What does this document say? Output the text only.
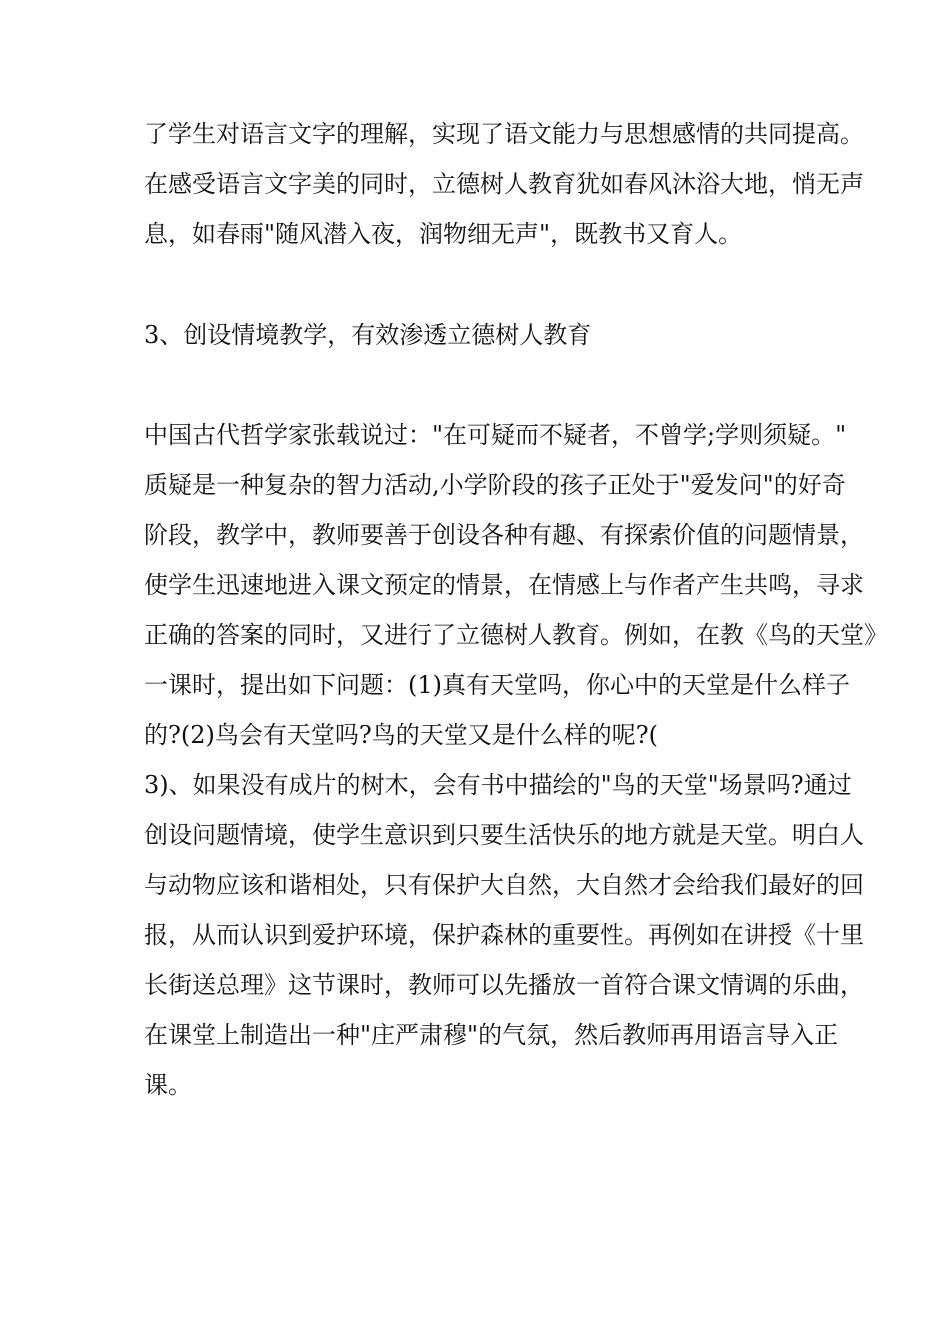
了学生对语言文字的理解，实现了语文能力与思想感情的共同提高。
在感受语言文字美的同时，立德树人教育犹如春风沐浴大地，悄无声
息，如春雨"随风潜入夜，润物细无声"，既教书又育人。
3、创设情境教学，有效渗透立德树人教育
中国古代哲学家张载说过："在可疑而不疑者，不曾学;学则须疑。"
质疑是一种复杂的智力活动,小学阶段的孩子正处于"爱发问"的好奇
阶段，教学中，教师要善于创设各种有趣、有探索价值的问题情景，
使学生迅速地进入课文预定的情景，在情感上与作者产生共鸣，寻求
正确的答案的同时，又进行了立德树人教育。例如，在教《鸟的天堂》
一课时，提出如下问题：(1)真有天堂吗，你心中的天堂是什么样子
的?(2)鸟会有天堂吗?鸟的天堂又是什么样的呢?(
3)、如果没有成片的树木，会有书中描绘的"鸟的天堂"场景吗?通过
创设问题情境，使学生意识到只要生活快乐的地方就是天堂。明白人
与动物应该和谐相处，只有保护大自然，大自然才会给我们最好的回
报，从而认识到爱护环境，保护森林的重要性。再例如在讲授《十里
长街送总理》这节课时，教师可以先播放一首符合课文情调的乐曲，
在课堂上制造出一种"庄严肃穆"的气氛，然后教师再用语言导入正
课。
